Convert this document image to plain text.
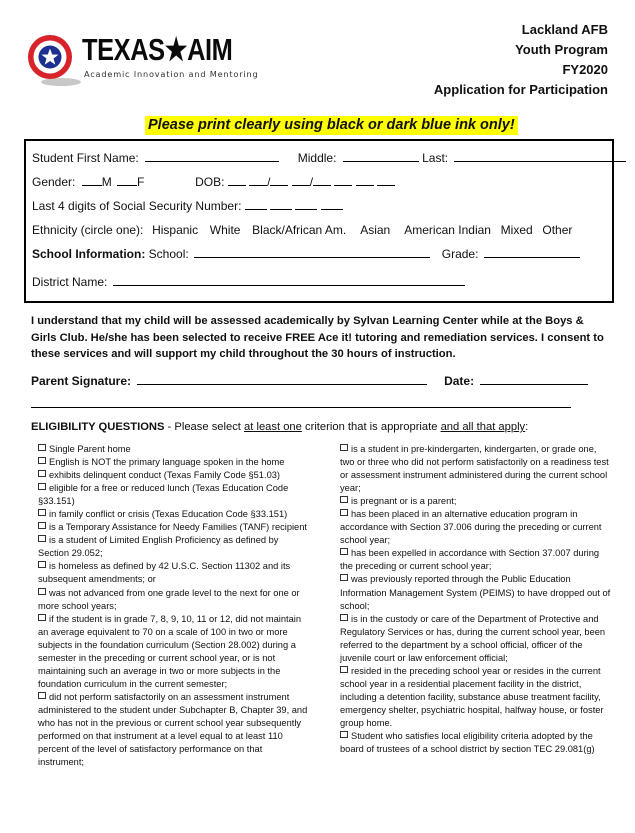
TEXAS★AIM
Academic Innovation and Mentoring
Lackland AFB
Youth Program
FY2020
Application for Participation
Please print clearly using black or dark blue ink only!
Student First Name:	Middle:	Last:
Gender: M F	DOB:	/	/
Last 4 digits of Social Security Number:
Ethnicity (circle one): Hispanic White Black/African Am. Asian American Indian Mixed Other
School Information: School:	Grade:
District Name:
I understand that my child will be assessed academically by Sylvan Learning Center while at the Boys & Girls Club. He/she has been selected to receive FREE Ace it! tutoring and remediation services. I consent to these services and will support my child throughout the 30 hours of instruction.
Parent Signature:	Date:
ELIGIBILITY QUESTIONS - Please select at least one criterion that is appropriate and all that apply:
Single Parent home
English is NOT the primary language spoken in the home
exhibits delinquent conduct (Texas Family Code §51.03)
eligible for a free or reduced lunch (Texas Education Code §33.151)
in family conflict or crisis (Texas Education Code §33.151)
is a Temporary Assistance for Needy Families (TANF) recipient
is a student of Limited English Proficiency as defined by Section 29.052;
is homeless as defined by 42 U.S.C. Section 11302 and its subsequent amendments; or
was not advanced from one grade level to the next for one or more school years;
if the student is in grade 7, 8, 9, 10, 11 or 12, did not maintain an average equivalent to 70 on a scale of 100 in two or more subjects in the foundation curriculum (Section 28.002) during a semester in the preceding or current school year, or is not maintaining such an average in two or more subjects in the foundation curriculum in the current semester;
did not perform satisfactorily on an assessment instrument administered to the student under Subchapter B, Chapter 39, and who has not in the previous or current school year subsequently performed on that instrument at a level equal to at least 110 percent of the level of satisfactory performance on that instrument;
is a student in pre-kindergarten, kindergarten, or grade one, two or three who did not perform satisfactorily on a readiness test or assessment instrument administered during the current school year;
is pregnant or is a parent;
has been placed in an alternative education program in accordance with Section 37.006 during the preceding or current school year;
has been expelled in accordance with Section 37.007 during the preceding or current school year;
was previously reported through the Public Education Information Management System (PEIMS) to have dropped out of school;
is in the custody or care of the Department of Protective and Regulatory Services or has, during the current school year, been referred to the department by a school official, officer of the juvenile court or law enforcement official;
resided in the preceding school year or resides in the current school year in a residential placement facility in the district, including a detention facility, substance abuse treatment facility, emergency shelter, psychiatric hospital, halfway house, or foster group home.
Student who satisfies local eligibility criteria adopted by the board of trustees of a school district by section TEC 29.081(g)
